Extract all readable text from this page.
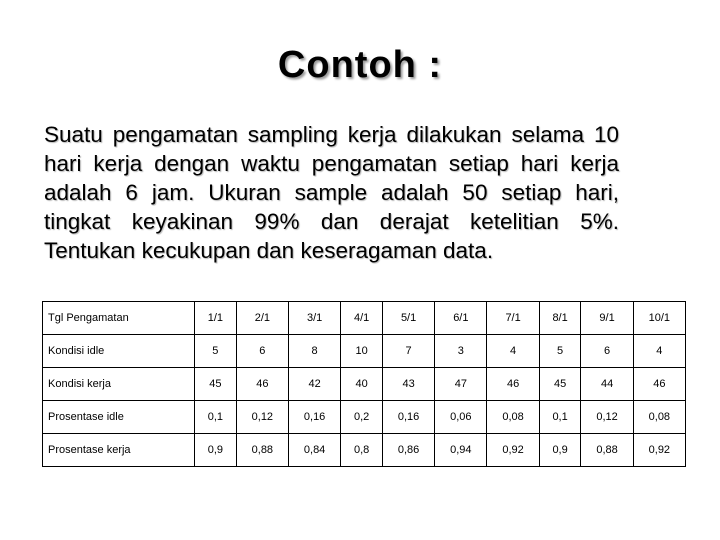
Contoh :
Suatu pengamatan sampling kerja dilakukan selama 10 hari kerja dengan waktu pengamatan setiap hari kerja adalah 6 jam. Ukuran sample adalah 50 setiap hari, tingkat keyakinan 99% dan derajat ketelitian 5%. Tentukan kecukupan dan keseragaman data.
Tgl Pengamatan	1/1	2/1	3/1	4/1	5/1	6/1	7/1	8/1	9/1	10/1
Kondisi idle	5	6	8	10	7	3	4	5	6	4
Kondisi kerja	45	46	42	40	43	47	46	45	44	46
Prosentase idle	0,1	0,12	0,16	0,2	0,16	0,06	0,08	0,1	0,12	0,08
Prosentase kerja	0,9	0,88	0,84	0,8	0,86	0,94	0,92	0,9	0,88	0,92
